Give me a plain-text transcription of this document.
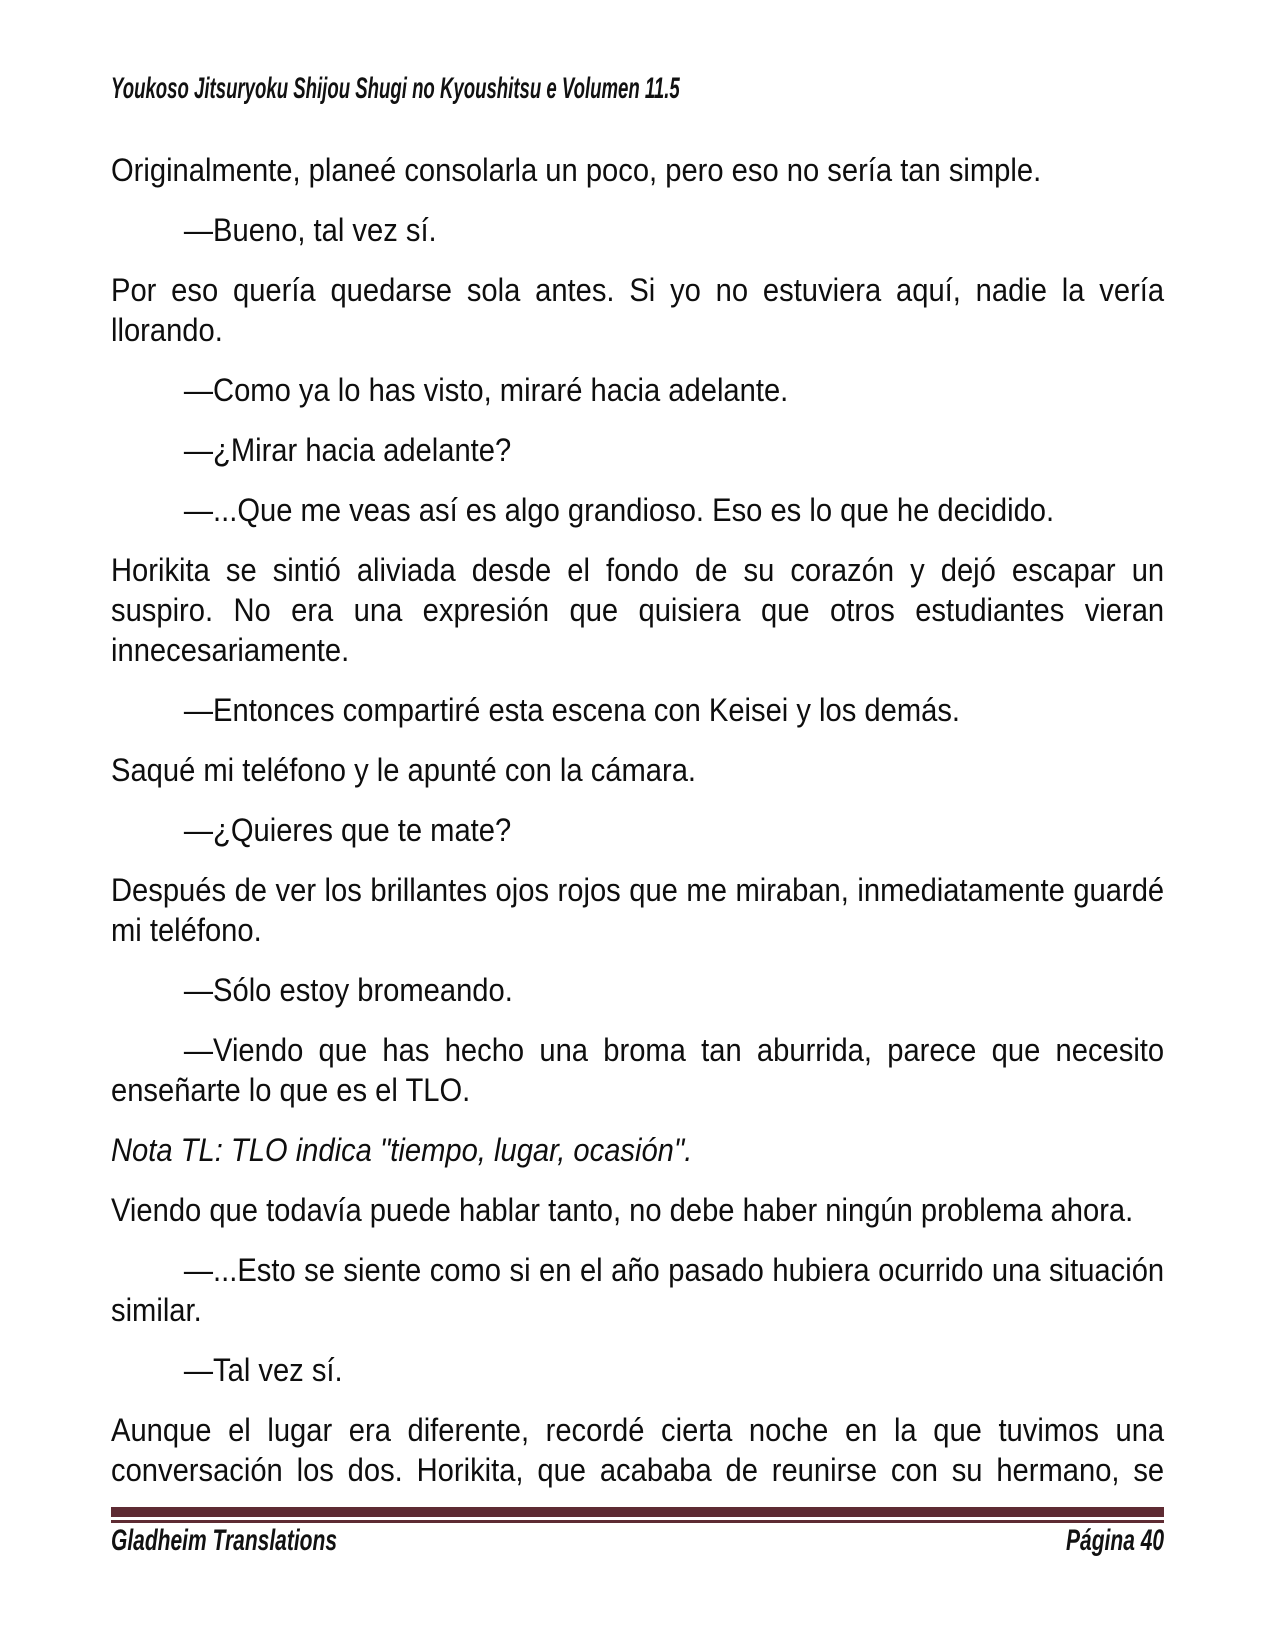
Youkoso Jitsuryoku Shijou Shugi no Kyoushitsu e Volumen 11.5

Originalmente, planeé consolarla un poco, pero eso no sería tan simple.

—Bueno, tal vez sí.

Por eso quería quedarse sola antes. Si yo no estuviera aquí, nadie la vería llorando.

—Como ya lo has visto, miraré hacia adelante.

—¿Mirar hacia adelante?

—...Que me veas así es algo grandioso. Eso es lo que he decidido.

Horikita se sintió aliviada desde el fondo de su corazón y dejó escapar un suspiro. No era una expresión que quisiera que otros estudiantes vieran innecesariamente.

—Entonces compartiré esta escena con Keisei y los demás.

Saqué mi teléfono y le apunté con la cámara.

—¿Quieres que te mate?

Después de ver los brillantes ojos rojos que me miraban, inmediatamente guardé mi teléfono.

—Sólo estoy bromeando.

—Viendo que has hecho una broma tan aburrida, parece que necesito enseñarte lo que es el TLO.

Nota TL: TLO indica "tiempo, lugar, ocasión".

Viendo que todavía puede hablar tanto, no debe haber ningún problema ahora.

—...Esto se siente como si en el año pasado hubiera ocurrido una situación similar.

—Tal vez sí.

Aunque el lugar era diferente, recordé cierta noche en la que tuvimos una conversación los dos. Horikita, que acababa de reunirse con su hermano, se

Gladheim Translations	Página 40
